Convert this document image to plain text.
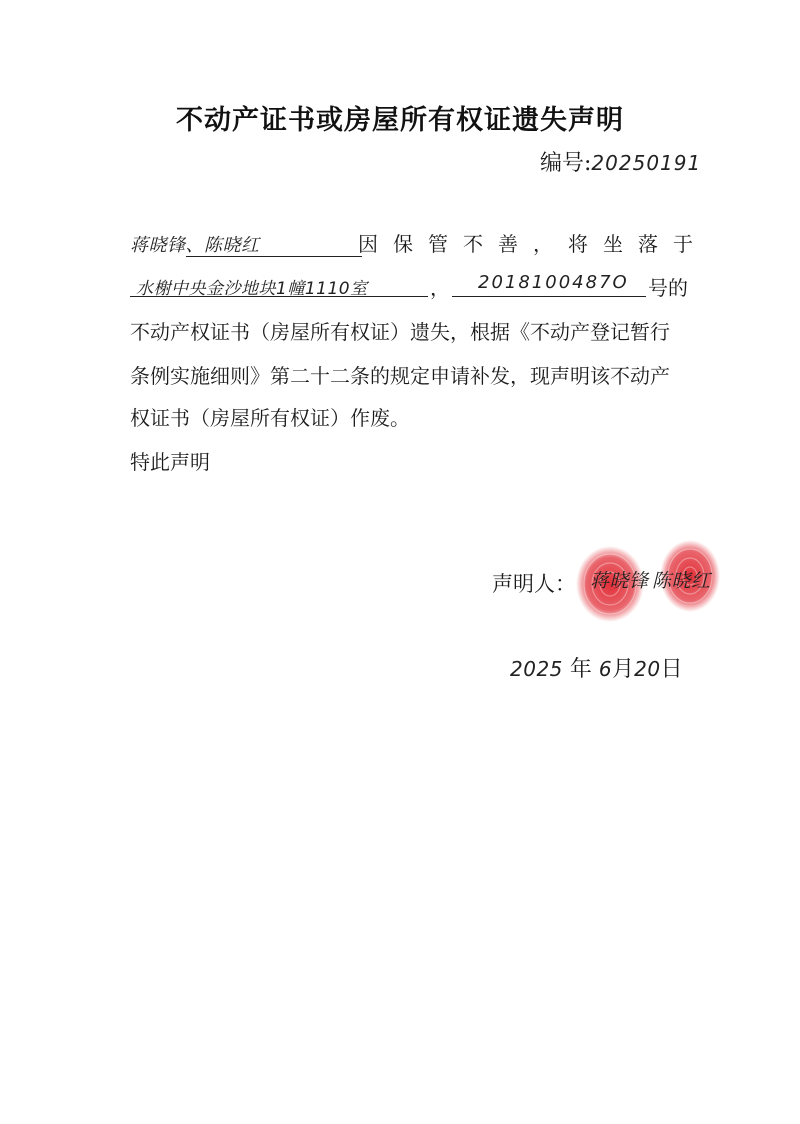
不动产证书或房屋所有权证遗失声明
编号:20250191
蒋晓锋、陈晓红	因保管不善，将坐落于
水榭中央金沙地块1幢1110室	， 2018100487O 号的
不动产权证书（房屋所有权证）遗失，根据《不动产登记暂行
条例实施细则》第二十二条的规定申请补发，现声明该不动产
权证书（房屋所有权证）作废。
特此声明
声明人： 蒋晓锋 陈晓红
2025 年 6月20日
